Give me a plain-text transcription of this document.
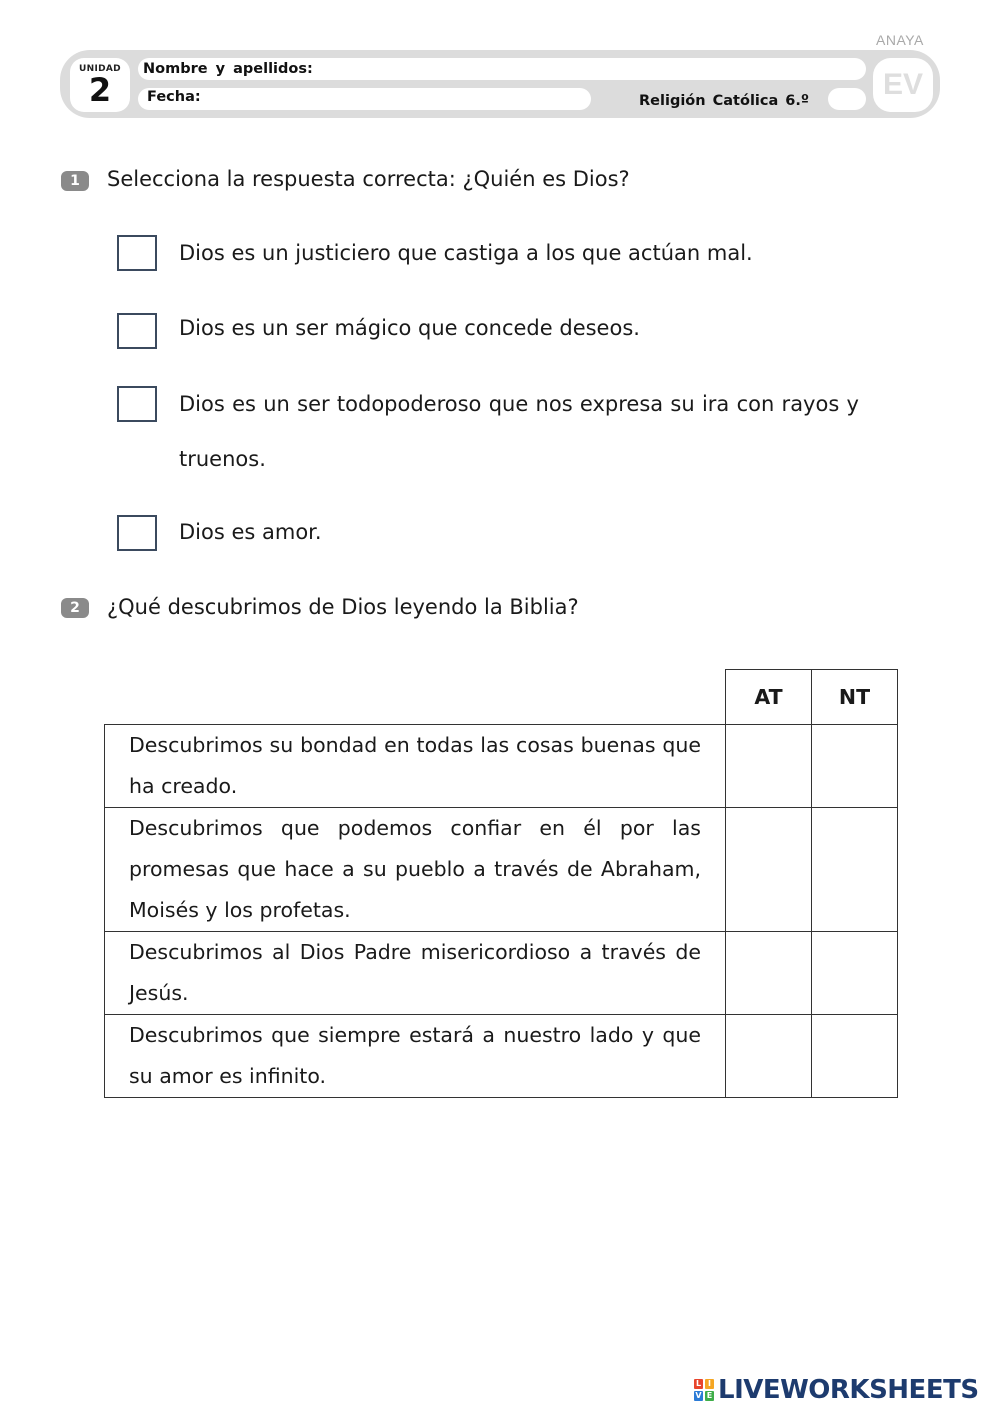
ANAYA
UNIDAD
2
Nombre y apellidos:
Fecha:	Religión Católica 6.º	EV
1	Selecciona la respuesta correcta: ¿Quién es Dios?
Dios es un justiciero que castiga a los que actúan mal.
Dios es un ser mágico que concede deseos.
Dios es un ser todopoderoso que nos expresa su ira con rayos y truenos.
Dios es amor.
2	¿Qué descubrimos de Dios leyendo la Biblia?
	AT	NT

Descubrimos su bondad en todas las cosas buenas que ha creado.		

Descubrimos que podemos confiar en él por las promesas que hace a su pueblo a través de Abraham, Moisés y los profetas.		

Descubrimos al Dios Padre misericordioso a través de Jesús.		

Descubrimos que siempre estará a nuestro lado y que su amor es infinito.		

L I
V E LIVEWORKSHEETS
